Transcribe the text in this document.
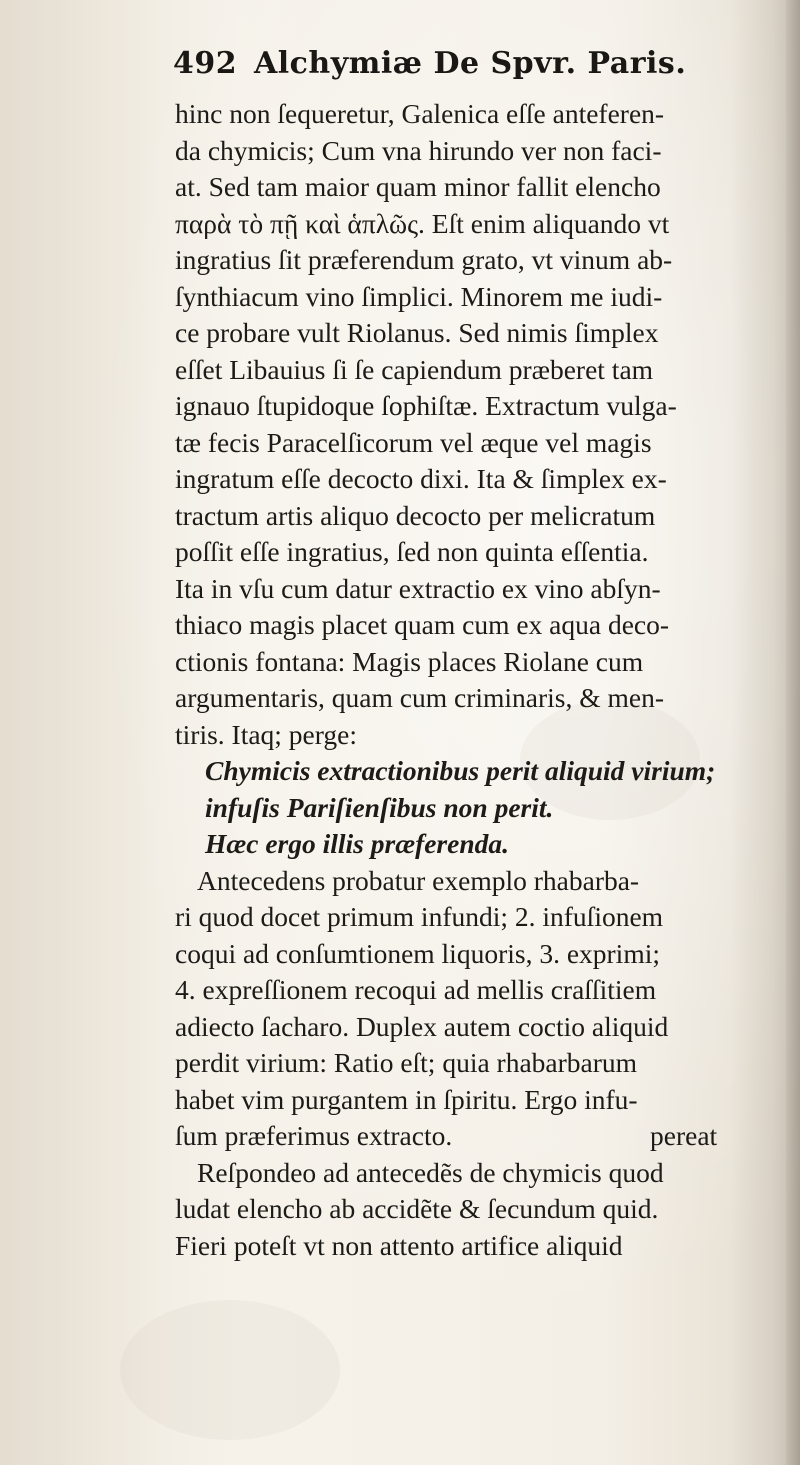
492 Alchymiæ De Spvr. Paris.
hinc non ſequeretur, Galenica eſſe anteferen-
da chymicis; Cum vna hirundo ver non faci-
at. Sed tam maior quam minor fallit elencho
παρὰ τὸ πῇ καὶ ἁπλῶς. Eſt enim aliquando vt
ingratius ſit præferendum grato, vt vinum ab-
ſynthiacum vino ſimplici. Minorem me iudi-
ce probare vult Riolanus. Sed nimis ſimplex
eſſet Libauius ſi ſe capiendum præberet tam
ignauo ſtupidoque ſophiſtæ. Extractum vulga-
tæ fecis Paracelſicorum vel æque vel magis
ingratum eſſe decocto dixi. Ita & ſimplex ex-
tractum artis aliquo decocto per melicratum
poſſit eſſe ingratius, ſed non quinta eſſentia.
Ita in vſu cum datur extractio ex vino abſyn-
thiaco magis placet quam cum ex aqua deco-
ctionis fontana: Magis places Riolane cum
argumentaris, quam cum criminaris, & men-
tiris. Itaq; perge:
Chymicis extractionibus perit aliquid virium;
infuſis Pariſienſibus non perit.
Hæc ergo illis præferenda.
Antecedens probatur exemplo rhabarba-
ri quod docet primum infundi; 2. infuſionem
coqui ad conſumtionem liquoris, 3. exprimi;
4. expreſſionem recoqui ad mellis craſſitiem
adiecto ſacharo. Duplex autem coctio aliquid
perdit virium: Ratio eſt; quia rhabarbarum
habet vim purgantem in ſpiritu. Ergo infu-
ſum præferimus extracto.
Reſpondeo ad antecedẽs de chymicis quod
ludat elencho ab accidẽte & ſecundum quid.
Fieri poteſt vt non attento artifice aliquid
pereat
